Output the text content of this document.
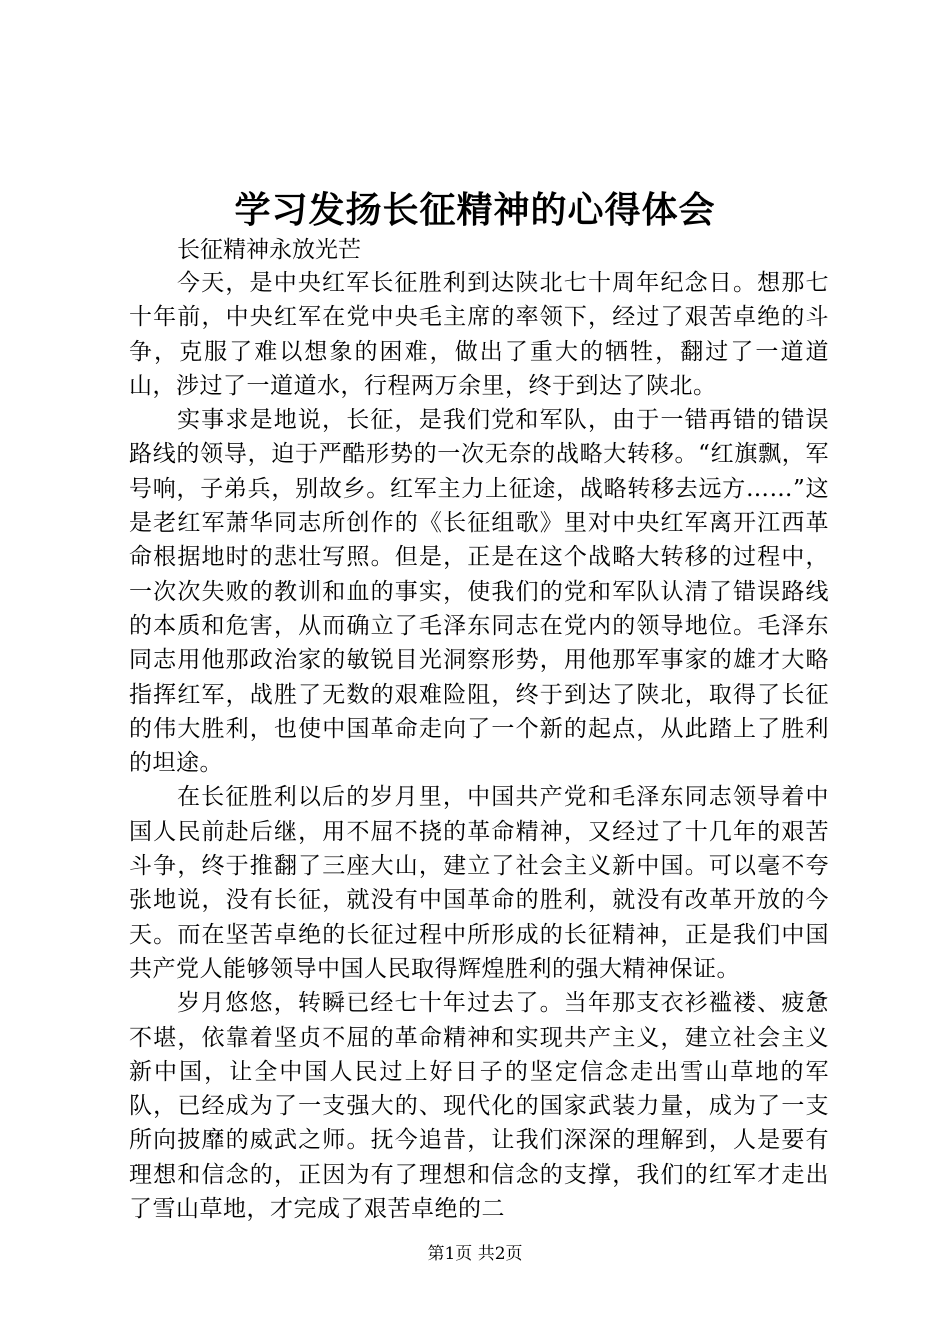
学习发扬长征精神的心得体会

长征精神永放光芒

今天，是中央红军长征胜利到达陕北七十周年纪念日。想那七十年前，中央红军在党中央毛主席的率领下，经过了艰苦卓绝的斗争，克服了难以想象的困难，做出了重大的牺牲，翻过了一道道山，涉过了一道道水，行程两万余里，终于到达了陕北。

实事求是地说，长征，是我们党和军队，由于一错再错的错误路线的领导，迫于严酷形势的一次无奈的战略大转移。“红旗飘，军号响，子弟兵，别故乡。红军主力上征途，战略转移去远方……”这是老红军萧华同志所创作的《长征组歌》里对中央红军离开江西革命根据地时的悲壮写照。但是，正是在这个战略大转移的过程中，一次次失败的教训和血的事实，使我们的党和军队认清了错误路线的本质和危害，从而确立了毛泽东同志在党内的领导地位。毛泽东同志用他那政治家的敏锐目光洞察形势，用他那军事家的雄才大略指挥红军，战胜了无数的艰难险阻，终于到达了陕北，取得了长征的伟大胜利，也使中国革命走向了一个新的起点，从此踏上了胜利的坦途。

在长征胜利以后的岁月里，中国共产党和毛泽东同志领导着中国人民前赴后继，用不屈不挠的革命精神，又经过了十几年的艰苦斗争，终于推翻了三座大山，建立了社会主义新中国。可以毫不夸张地说，没有长征，就没有中国革命的胜利，就没有改革开放的今天。而在坚苦卓绝的长征过程中所形成的长征精神，正是我们中国共产党人能够领导中国人民取得辉煌胜利的强大精神保证。

岁月悠悠，转瞬已经七十年过去了。当年那支衣衫褴褛、疲惫不堪，依靠着坚贞不屈的革命精神和实现共产主义，建立社会主义新中国，让全中国人民过上好日子的坚定信念走出雪山草地的军队，已经成为了一支强大的、现代化的国家武装力量，成为了一支所向披靡的威武之师。抚今追昔，让我们深深的理解到，人是要有理想和信念的，正因为有了理想和信念的支撑，我们的红军才走出了雪山草地，才完成了艰苦卓绝的二

第1页 共2页
